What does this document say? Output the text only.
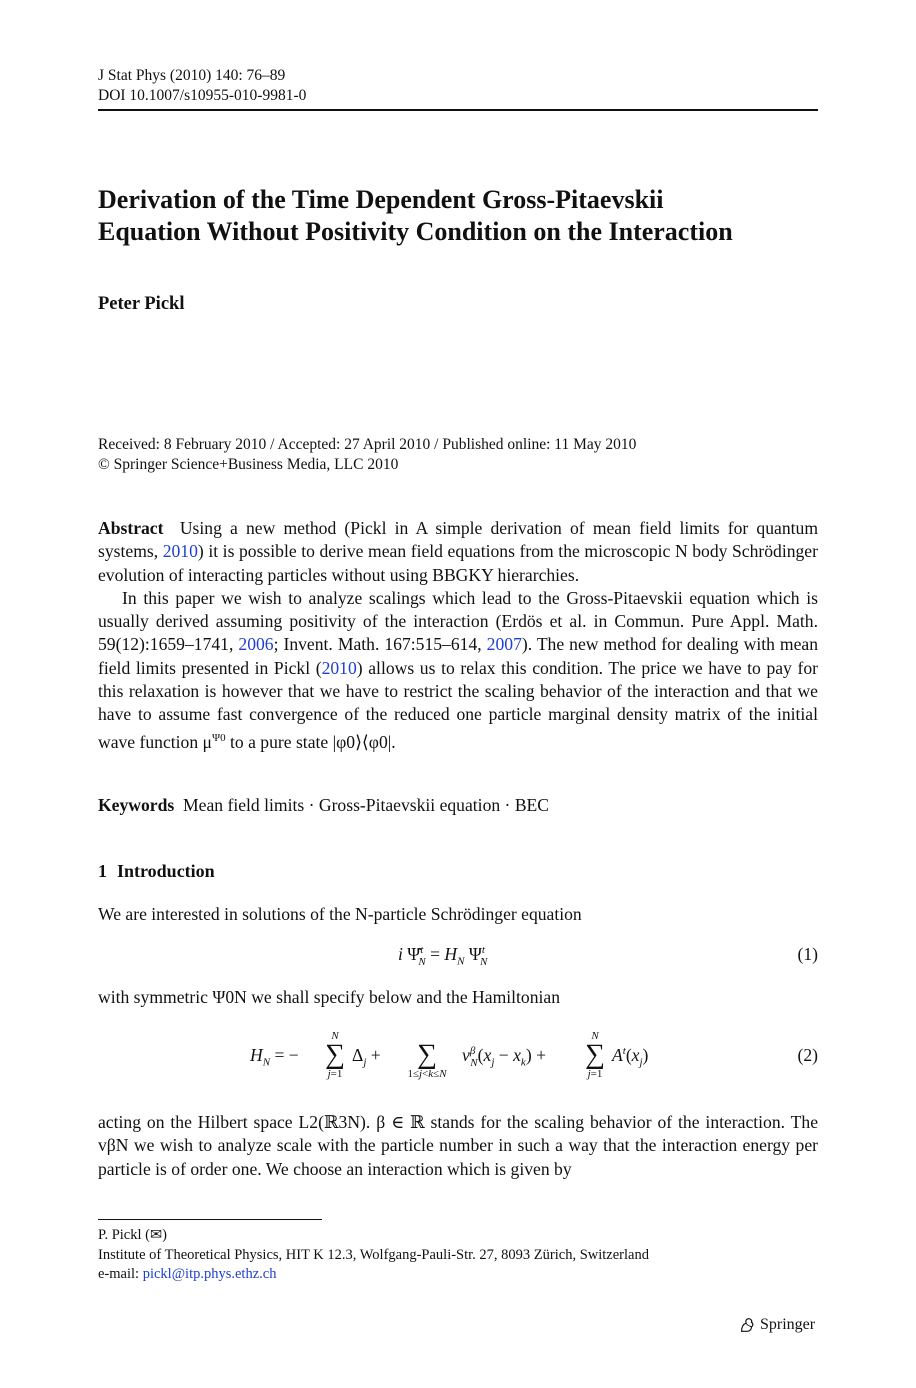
J Stat Phys (2010) 140: 76–89
DOI 10.1007/s10955-010-9981-0
Derivation of the Time Dependent Gross-Pitaevskii
Equation Without Positivity Condition on the Interaction
Peter Pickl
Received: 8 February 2010 / Accepted: 27 April 2010 / Published online: 11 May 2010
© Springer Science+Business Media, LLC 2010
Abstract Using a new method (Pickl in A simple derivation of mean field limits for quantum systems, 2010) it is possible to derive mean field equations from the microscopic N body Schrödinger evolution of interacting particles without using BBGKY hierarchies.
In this paper we wish to analyze scalings which lead to the Gross-Pitaevskii equation which is usually derived assuming positivity of the interaction (Erdös et al. in Commun. Pure Appl. Math. 59(12):1659–1741, 2006; Invent. Math. 167:515–614, 2007). The new method for dealing with mean field limits presented in Pickl (2010) allows us to relax this condition. The price we have to pay for this relaxation is however that we have to restrict the scaling behavior of the interaction and that we have to assume fast convergence of the reduced one particle marginal density matrix of the initial wave function $\mu^{\Psi 0}$ to a pure state |φ0⟩⟨φ0|.
Keywords Mean field limits · Gross-Pitaevskii equation · BEC
1 Introduction
We are interested in solutions of the N-particle Schrödinger equation
i Ψ̇$^t_N$ = $H_N$ $\Psi^t_N$	(1)
with symmetric Ψ0N we shall specify below and the Hamiltonian
$H_N$ = −
N
∑
j=1
$\Delta_j$ +
	∑
1≤j<k≤N
$v^\beta_N(x_j - x_k)$ +
N
∑
j=1
$A^t(x_j)$	(2)
acting on the Hilbert space L2(ℝ3N). β ∈ ℝ stands for the scaling behavior of the interaction. The vβN we wish to analyze scale with the particle number in such a way that the interaction energy per particle is of order one. We choose an interaction which is given by
P. Pickl (✉)
Institute of Theoretical Physics, HIT K 12.3, Wolfgang-Pauli-Str. 27, 8093 Zürich, Switzerland
e-mail: pickl@itp.phys.ethz.ch
Springer
